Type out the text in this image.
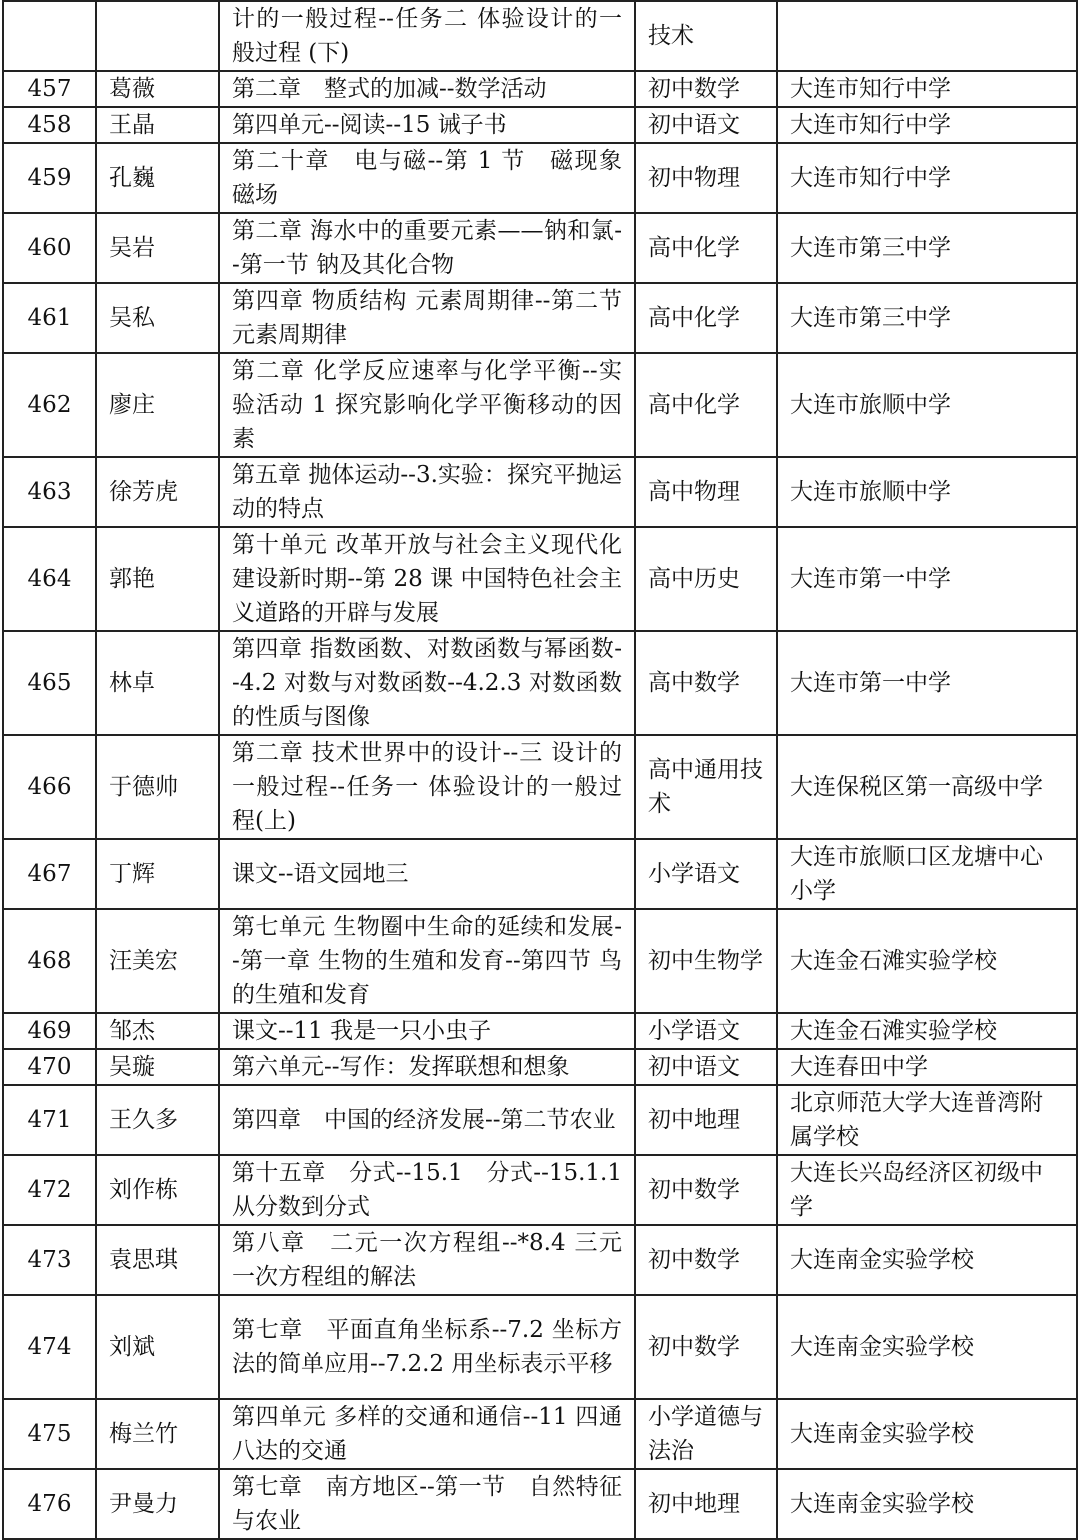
		计的一般过程--任务二 体验设计的一般过程 (下)	技术	
457	葛薇	第二章　整式的加减--数学活动	初中数学	大连市知行中学
458	王晶	第四单元--阅读--15 诫子书	初中语文	大连市知行中学
459	孔巍	第二十章　电与磁--第 1 节　磁现象　磁场	初中物理	大连市知行中学
460	吴岩	第二章 海水中的重要元素——钠和氯--第一节 钠及其化合物	高中化学	大连市第三中学
461	吴私	第四章 物质结构 元素周期律--第二节 元素周期律	高中化学	大连市第三中学
462	廖庄	第二章 化学反应速率与化学平衡--实验活动 1 探究影响化学平衡移动的因素	高中化学	大连市旅顺中学
463	徐芳虎	第五章 抛体运动--3.实验：探究平抛运动的特点	高中物理	大连市旅顺中学
464	郭艳	第十单元 改革开放与社会主义现代化建设新时期--第 28 课 中国特色社会主义道路的开辟与发展	高中历史	大连市第一中学
465	林卓	第四章 指数函数、对数函数与幂函数--4.2 对数与对数函数--4.2.3 对数函数的性质与图像	高中数学	大连市第一中学
466	于德帅	第二章 技术世界中的设计--三 设计的一般过程--任务一 体验设计的一般过程(上)	高中通用技术	大连保税区第一高级中学
467	丁辉	课文--语文园地三	小学语文	大连市旅顺口区龙塘中心小学
468	汪美宏	第七单元 生物圈中生命的延续和发展--第一章 生物的生殖和发育--第四节 鸟的生殖和发育	初中生物学	大连金石滩实验学校
469	邹杰	课文--11 我是一只小虫子	小学语文	大连金石滩实验学校
470	吴璇	第六单元--写作：发挥联想和想象	初中语文	大连春田中学
471	王久多	第四章　中国的经济发展--第二节农业	初中地理	北京师范大学大连普湾附属学校
472	刘作栋	第十五章　分式--15.1　分式--15.1.1 从分数到分式	初中数学	大连长兴岛经济区初级中学
473	袁思琪	第八章　二元一次方程组--*8.4 三元一次方程组的解法	初中数学	大连南金实验学校
474	刘斌	第七章　平面直角坐标系--7.2 坐标方法的简单应用--7.2.2 用坐标表示平移	初中数学	大连南金实验学校
475	梅兰竹	第四单元 多样的交通和通信--11 四通八达的交通	小学道德与法治	大连南金实验学校
476	尹曼力	第七章　南方地区--第一节　自然特征与农业	初中地理	大连南金实验学校
